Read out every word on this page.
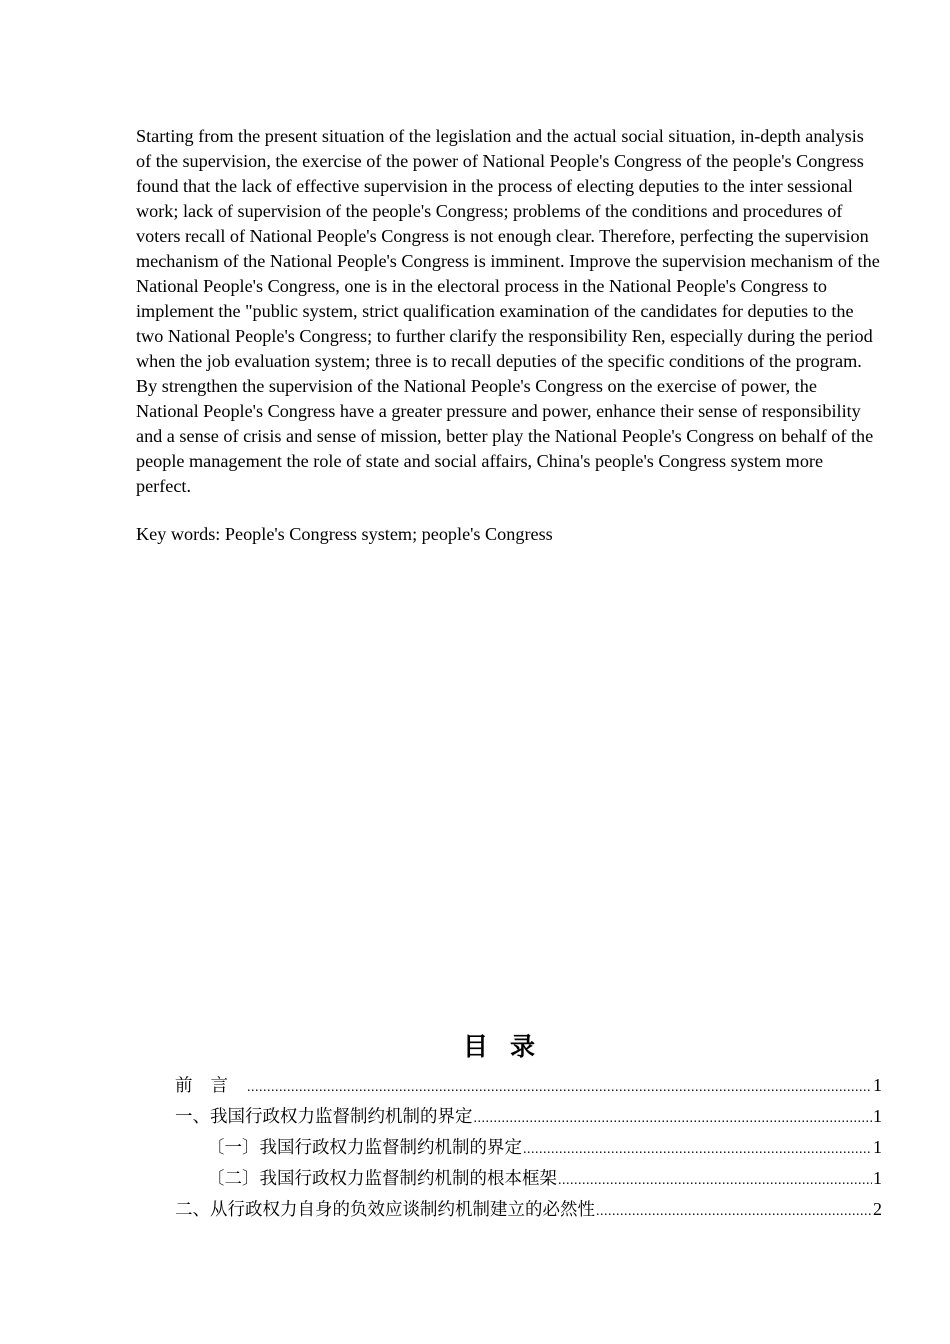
Starting from the present situation of the legislation and the actual social situation, in-depth analysis of the supervision, the exercise of the power of National People's Congress of the people's Congress found that the lack of effective supervision in the process of electing deputies to the inter sessional work; lack of supervision of the people's Congress; problems of the conditions and procedures of voters recall of National People's Congress is not enough clear. Therefore, perfecting the supervision mechanism of the National People's Congress is imminent. Improve the supervision mechanism of the National People's Congress, one is in the electoral process in the National People's Congress to implement the "public system, strict qualification examination of the candidates for deputies to the two National People's Congress; to further clarify the responsibility Ren, especially during the period when the job evaluation system; three is to recall deputies of the specific conditions of the program. By strengthen the supervision of the National People's Congress on the exercise of power, the National People's Congress have a greater pressure and power, enhance their sense of responsibility and a sense of crisis and sense of mission, better play the National People's Congress on behalf of the people management the role of state and social affairs, China's people's Congress system more perfect.

Key words: People's Congress system; people's Congress

目录
前言 .....	1
一、我国行政权力监督制约机制的界定 .....	1
〔一〕我国行政权力监督制约机制的界定 .....	1
〔二〕我国行政权力监督制约机制的根本框架 .....	1
二、从行政权力自身的负效应谈制约机制建立的必然性 .....	2
